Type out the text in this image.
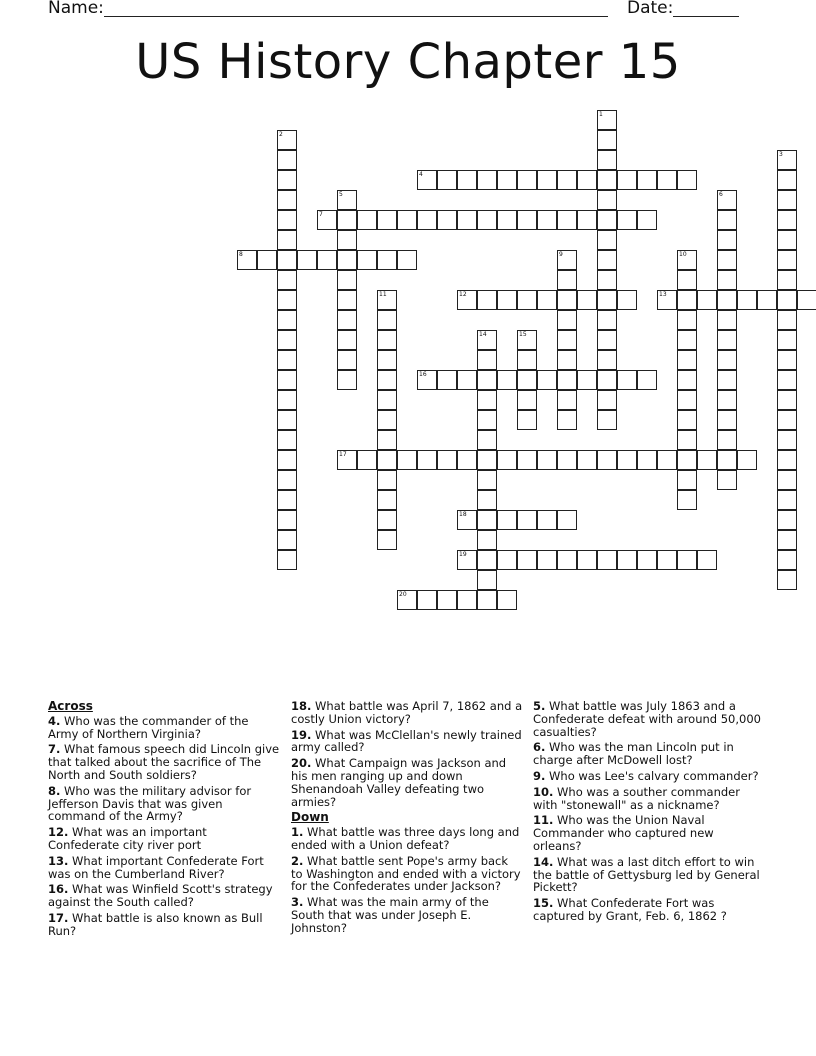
Name:	Date:
US History Chapter 15
1
2
3
4
5	6
7
8	9	10
11	12	13
14	15
16
17
18
19
20
Across
4. Who was the commander of the Army of Northern Virginia?
7. What famous speech did Lincoln give that talked about the sacrifice of The North and South soldiers?
8. Who was the military advisor for Jefferson Davis that was given command of the Army?
12. What was an important Confederate city river port
13. What important Confederate Fort was on the Cumberland River?
16. What was Winfield Scott's strategy against the South called?
17. What battle is also known as Bull Run?
18. What battle was April 7, 1862 and a costly Union victory?
19. What was McClellan's newly trained army called?
20. What Campaign was Jackson and his men ranging up and down Shenandoah Valley defeating two armies?
Down
1. What battle was three days long and ended with a Union defeat?
2. What battle sent Pope's army back to Washington and ended with a victory for the Confederates under Jackson?
3. What was the main army of the South that was under Joseph E. Johnston?
5. What battle was July 1863 and a Confederate defeat with around 50,000 casualties?
6. Who was the man Lincoln put in charge after McDowell lost?
9. Who was Lee's calvary commander?
10. Who was a souther commander with "stonewall" as a nickname?
11. Who was the Union Naval Commander who captured new orleans?
14. What was a last ditch effort to win the battle of Gettysburg led by General Pickett?
15. What Confederate Fort was captured by Grant, Feb. 6, 1862 ?
